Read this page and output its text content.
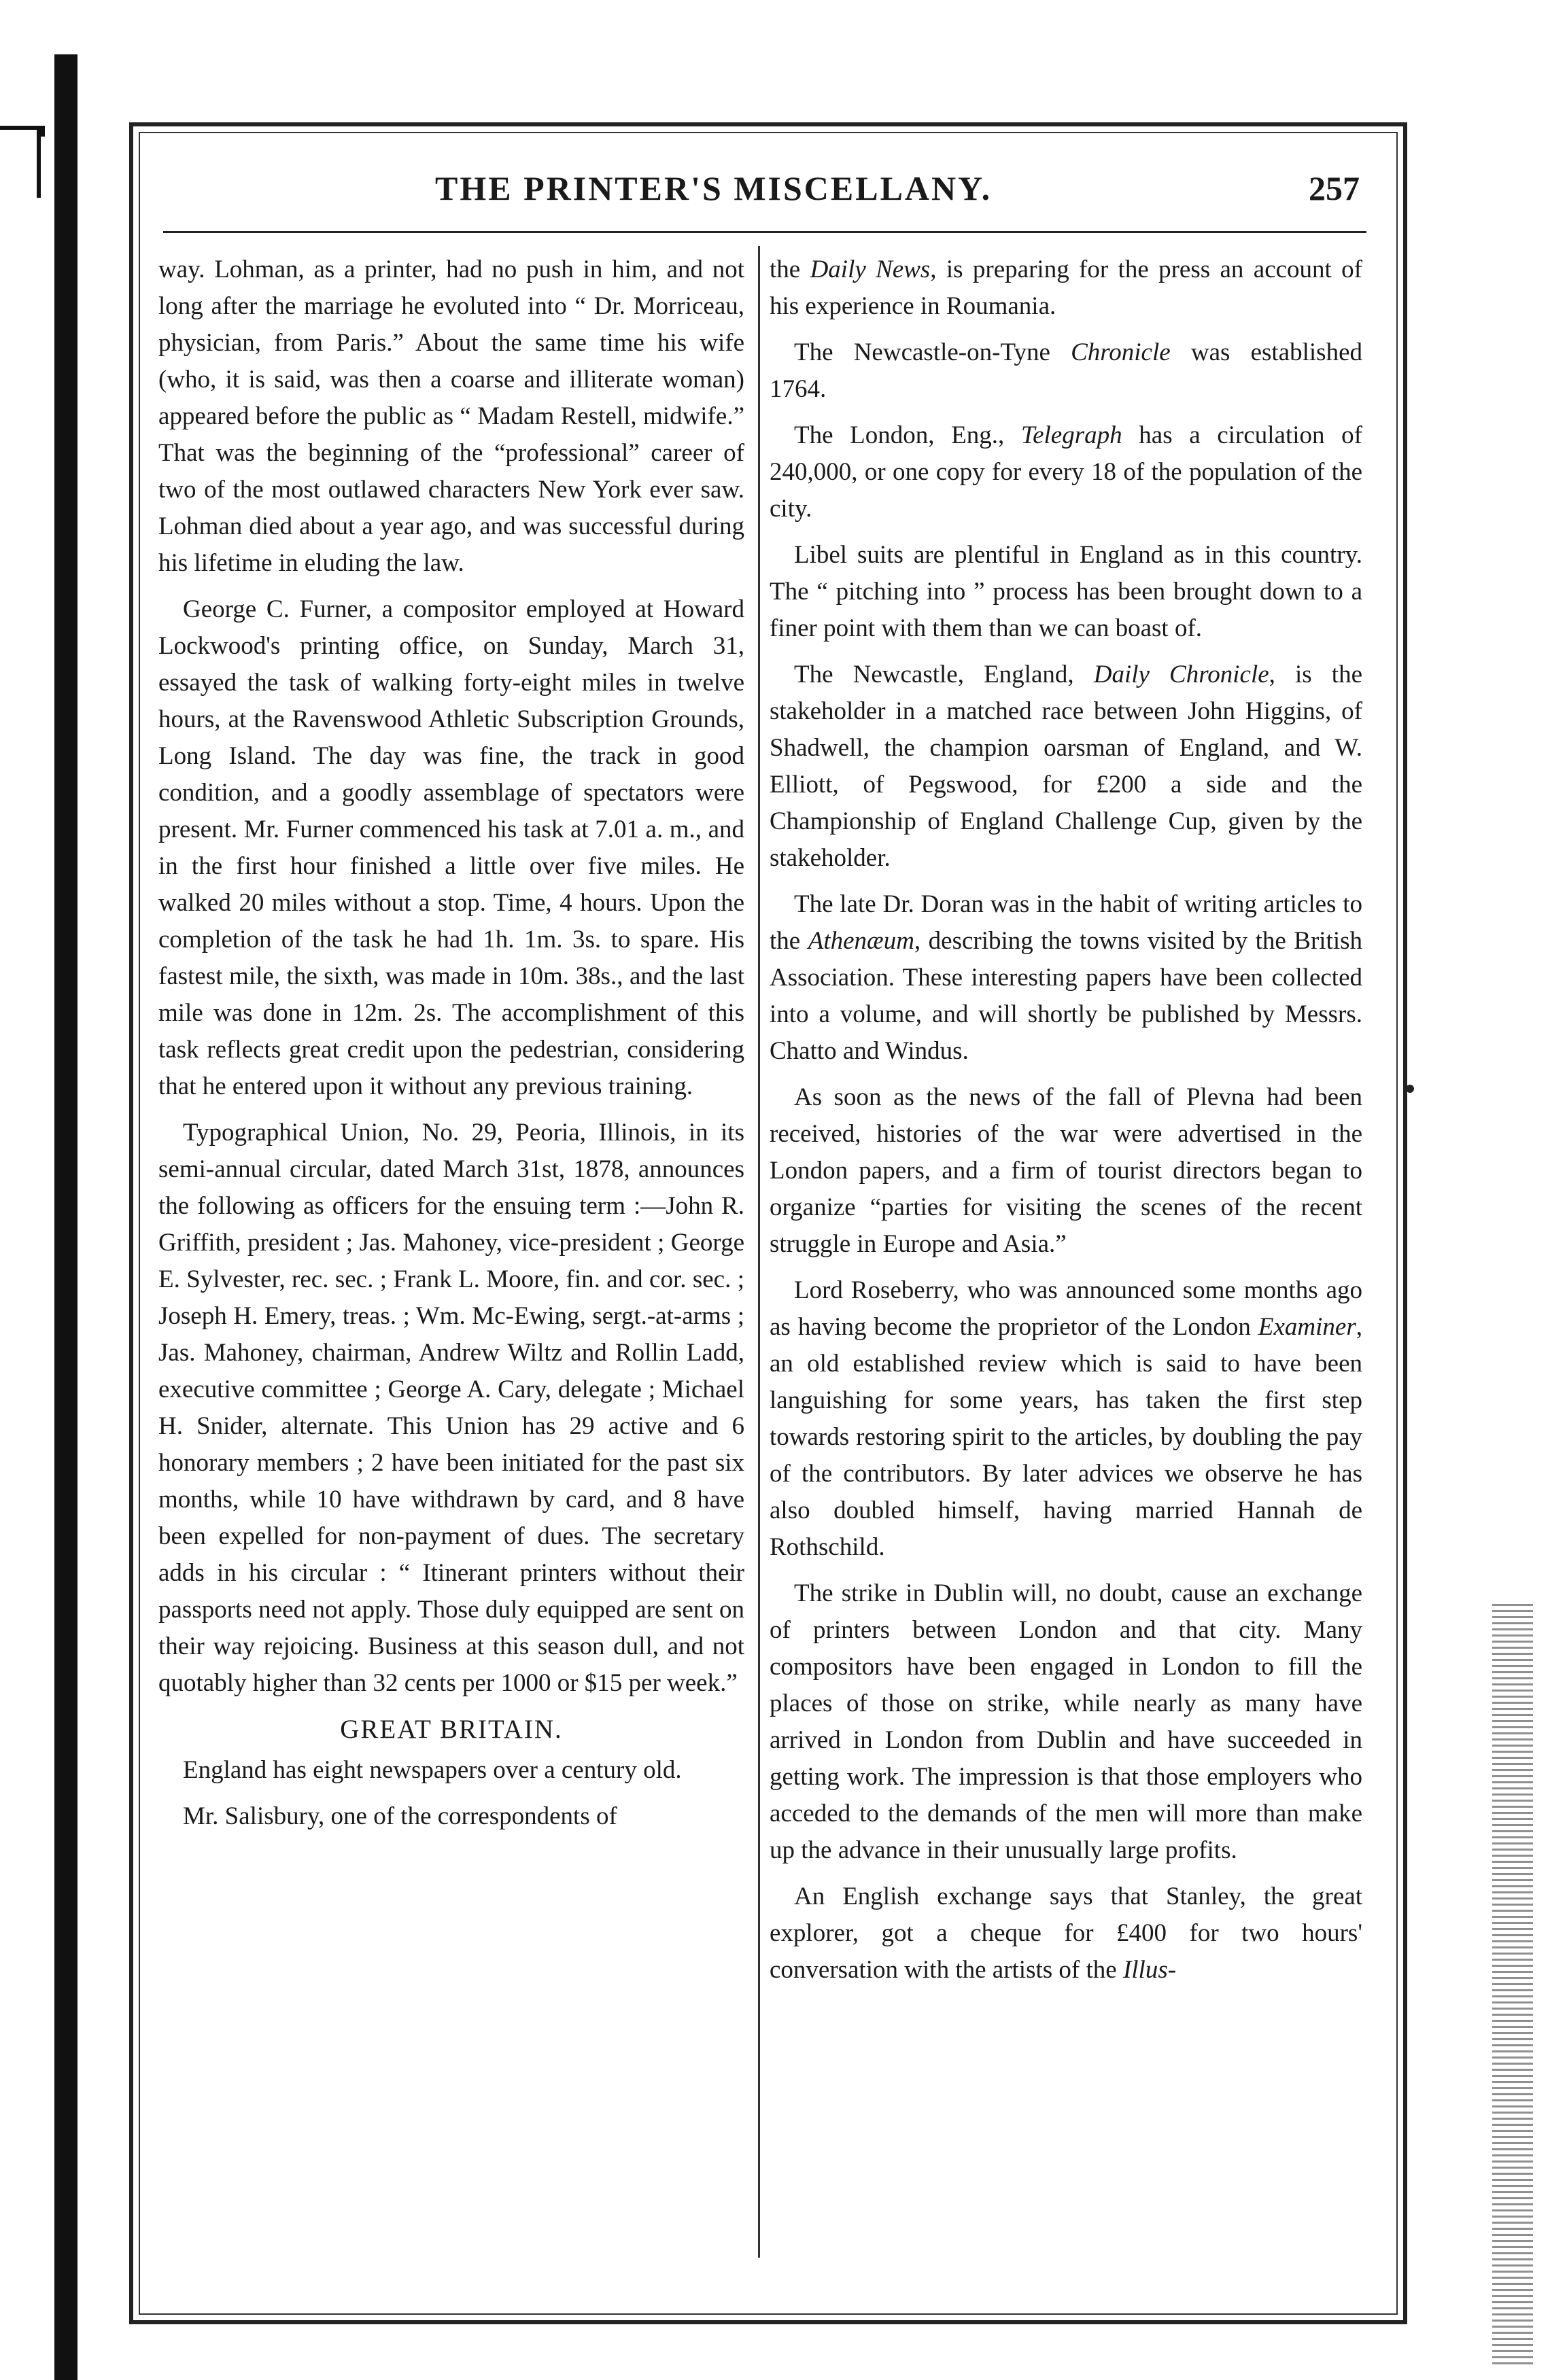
THE PRINTER'S MISCELLANY.	257

way. Lohman, as a printer, had no push in him, and not long after the marriage he evoluted into “ Dr. Morriceau, physician, from Paris.” About the same time his wife (who, it is said, was then a coarse and illiterate woman) appeared before the public as “ Madam Restell, midwife.” That was the beginning of the “professional” career of two of the most outlawed characters New York ever saw. Lohman died about a year ago, and was successful during his lifetime in eluding the law.

George C. Furner, a compositor employed at Howard Lockwood's printing office, on Sunday, March 31, essayed the task of walking forty-eight miles in twelve hours, at the Ravenswood Athletic Subscription Grounds, Long Island. The day was fine, the track in good condition, and a goodly assemblage of spectators were present. Mr. Furner commenced his task at 7.01 a. m., and in the first hour finished a little over five miles. He walked 20 miles without a stop. Time, 4 hours. Upon the completion of the task he had 1h. 1m. 3s. to spare. His fastest mile, the sixth, was made in 10m. 38s., and the last mile was done in 12m. 2s. The accomplishment of this task reflects great credit upon the pedestrian, considering that he entered upon it without any previous training.

Typographical Union, No. 29, Peoria, Illinois, in its semi-annual circular, dated March 31st, 1878, announces the following as officers for the ensuing term :—John R. Griffith, president ; Jas. Mahoney, vice-president ; George E. Sylvester, rec. sec. ; Frank L. Moore, fin. and cor. sec. ; Joseph H. Emery, treas. ; Wm. Mc-Ewing, sergt.-at-arms ; Jas. Mahoney, chairman, Andrew Wiltz and Rollin Ladd, executive committee ; George A. Cary, delegate ; Michael H. Snider, alternate. This Union has 29 active and 6 honorary members ; 2 have been initiated for the past six months, while 10 have withdrawn by card, and 8 have been expelled for non-payment of dues. The secretary adds in his circular : “ Itinerant printers without their passports need not apply. Those duly equipped are sent on their way rejoicing. Business at this season dull, and not quotably higher than 32 cents per 1000 or $15 per week.”

GREAT BRITAIN.

England has eight newspapers over a century old.

Mr. Salisbury, one of the correspondents of

the Daily News, is preparing for the press an account of his experience in Roumania.

The Newcastle-on-Tyne Chronicle was established 1764.

The London, Eng., Telegraph has a circulation of 240,000, or one copy for every 18 of the population of the city.

Libel suits are plentiful in England as in this country. The “ pitching into ” process has been brought down to a finer point with them than we can boast of.

The Newcastle, England, Daily Chronicle, is the stakeholder in a matched race between John Higgins, of Shadwell, the champion oarsman of England, and W. Elliott, of Pegswood, for £200 a side and the Championship of England Challenge Cup, given by the stakeholder.

The late Dr. Doran was in the habit of writing articles to the Athenæum, describing the towns visited by the British Association. These interesting papers have been collected into a volume, and will shortly be published by Messrs. Chatto and Windus.

As soon as the news of the fall of Plevna had been received, histories of the war were advertised in the London papers, and a firm of tourist directors began to organize “parties for visiting the scenes of the recent struggle in Europe and Asia.”

Lord Roseberry, who was announced some months ago as having become the proprietor of the London Examiner, an old established review which is said to have been languishing for some years, has taken the first step towards restoring spirit to the articles, by doubling the pay of the contributors. By later advices we observe he has also doubled himself, having married Hannah de Rothschild.

The strike in Dublin will, no doubt, cause an exchange of printers between London and that city. Many compositors have been engaged in London to fill the places of those on strike, while nearly as many have arrived in London from Dublin and have succeeded in getting work. The impression is that those employers who acceded to the demands of the men will more than make up the advance in their unusually large profits.

An English exchange says that Stanley, the great explorer, got a cheque for £400 for two hours' conversation with the artists of the Illus-
